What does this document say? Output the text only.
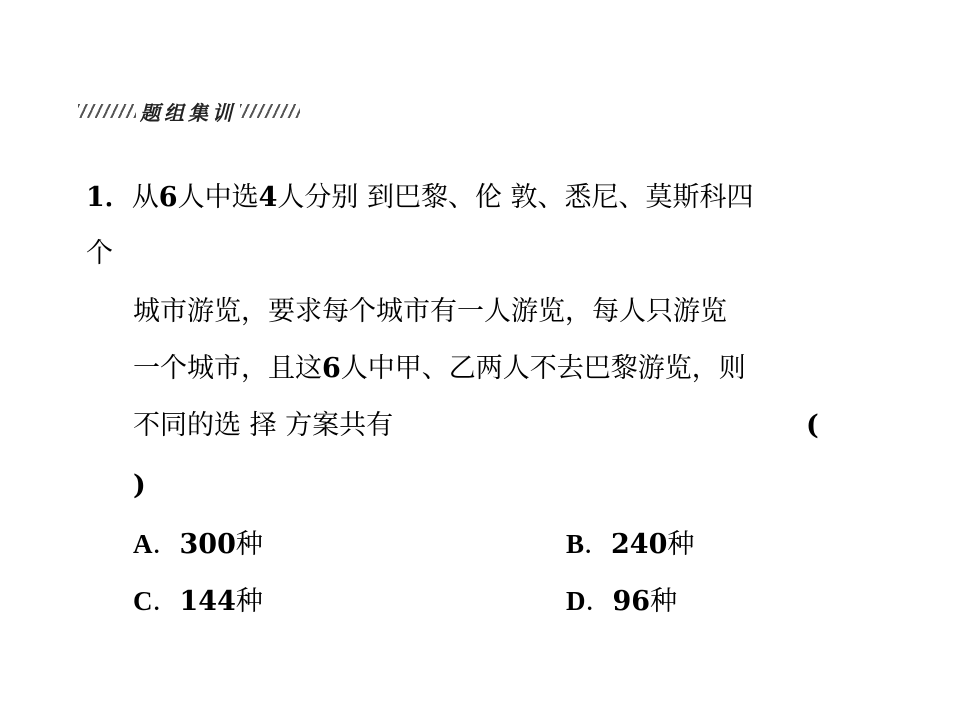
题组集训
1．从6人中选4人分别 到巴黎、伦 敦、悉尼、莫斯科四
个
城市游览，要求每个城市有一人游览，每人只游览
一个城市，且这6人中甲、乙两人不去巴黎游览，则
不同的选 择 方案共有	(
)
A．300种	B．240种
C．144种	D．96种
